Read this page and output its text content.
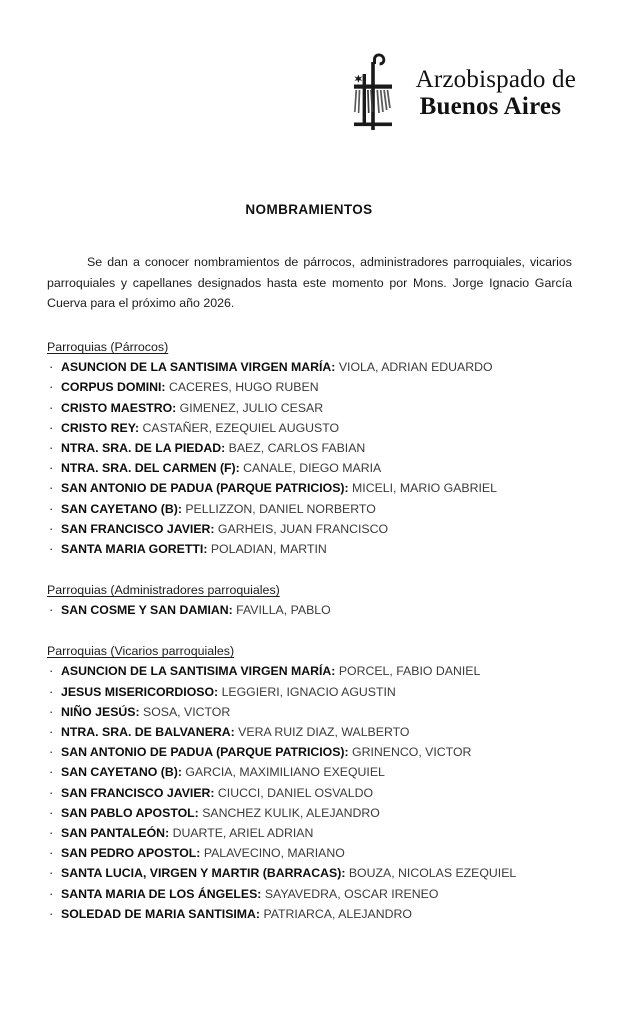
Arzobispado de
Buenos Aires
NOMBRAMIENTOS

Se dan a conocer nombramientos de párrocos, administradores parroquiales, vicarios parroquiales y capellanes designados hasta este momento por Mons. Jorge Ignacio García Cuerva para el próximo año 2026.

Parroquias (Párrocos)
· ASUNCION DE LA SANTISIMA VIRGEN MARÍA: VIOLA, ADRIAN EDUARDO
· CORPUS DOMINI: CACERES, HUGO RUBEN
· CRISTO MAESTRO: GIMENEZ, JULIO CESAR
· CRISTO REY: CASTAÑER, EZEQUIEL AUGUSTO
· NTRA. SRA. DE LA PIEDAD: BAEZ, CARLOS FABIAN
· NTRA. SRA. DEL CARMEN (F): CANALE, DIEGO MARIA
· SAN ANTONIO DE PADUA (PARQUE PATRICIOS): MICELI, MARIO GABRIEL
· SAN CAYETANO (B): PELLIZZON, DANIEL NORBERTO
· SAN FRANCISCO JAVIER: GARHEIS, JUAN FRANCISCO
· SANTA MARIA GORETTI: POLADIAN, MARTIN
Parroquias (Administradores parroquiales)
· SAN COSME Y SAN DAMIAN: FAVILLA, PABLO
Parroquias (Vicarios parroquiales)
· ASUNCION DE LA SANTISIMA VIRGEN MARÍA: PORCEL, FABIO DANIEL
· JESUS MISERICORDIOSO: LEGGIERI, IGNACIO AGUSTIN
· NIÑO JESÚS: SOSA, VICTOR
· NTRA. SRA. DE BALVANERA: VERA RUIZ DIAZ, WALBERTO
· SAN ANTONIO DE PADUA (PARQUE PATRICIOS): GRINENCO, VICTOR
· SAN CAYETANO (B): GARCIA, MAXIMILIANO EXEQUIEL
· SAN FRANCISCO JAVIER: CIUCCI, DANIEL OSVALDO
· SAN PABLO APOSTOL: SANCHEZ KULIK, ALEJANDRO
· SAN PANTALEÓN: DUARTE, ARIEL ADRIAN
· SAN PEDRO APOSTOL: PALAVECINO, MARIANO
· SANTA LUCIA, VIRGEN Y MARTIR (BARRACAS): BOUZA, NICOLAS EZEQUIEL
· SANTA MARIA DE LOS ÁNGELES: SAYAVEDRA, OSCAR IRENEO
· SOLEDAD DE MARIA SANTISIMA: PATRIARCA, ALEJANDRO
